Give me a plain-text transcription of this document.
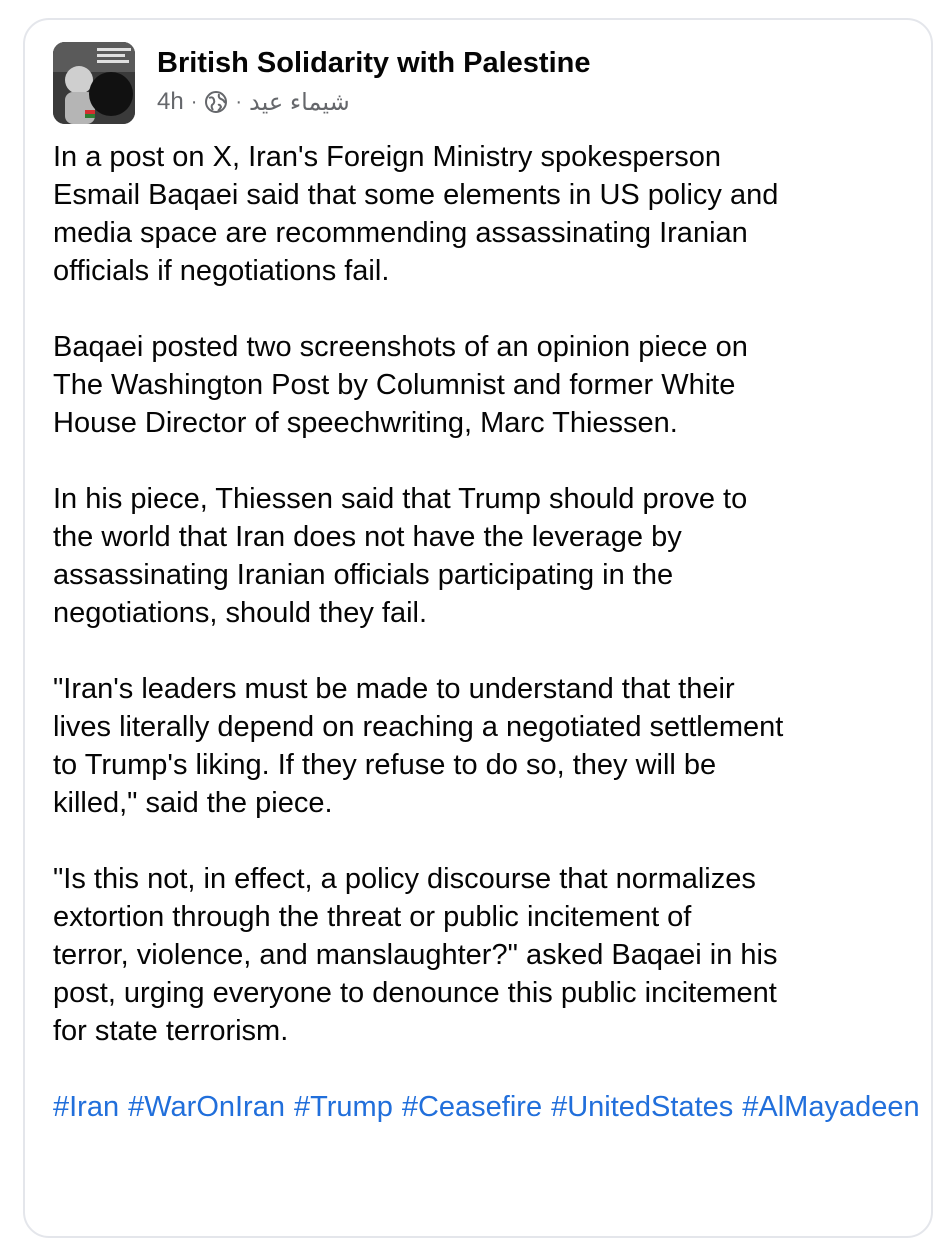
British Solidarity with Palestine
4h · · شيماء عيد

In a post on X, Iran's Foreign Ministry spokesperson
Esmail Baqaei said that some elements in US policy and
media space are recommending assassinating Iranian
officials if negotiations fail.

Baqaei posted two screenshots of an opinion piece on
The Washington Post by Columnist and former White
House Director of speechwriting, Marc Thiessen.

In his piece, Thiessen said that Trump should prove to
the world that Iran does not have the leverage by
assassinating Iranian officials participating in the
negotiations, should they fail.

"Iran's leaders must be made to understand that their
lives literally depend on reaching a negotiated settlement
to Trump's liking. If they refuse to do so, they will be
killed," said the piece.

"Is this not, in effect, a policy discourse that normalizes
extortion through the threat or public incitement of
terror, violence, and manslaughter?" asked Baqaei in his
post, urging everyone to denounce this public incitement
for state terrorism.

#Iran #WarOnIran #Trump #Ceasefire #UnitedStates #AlMayadeen
